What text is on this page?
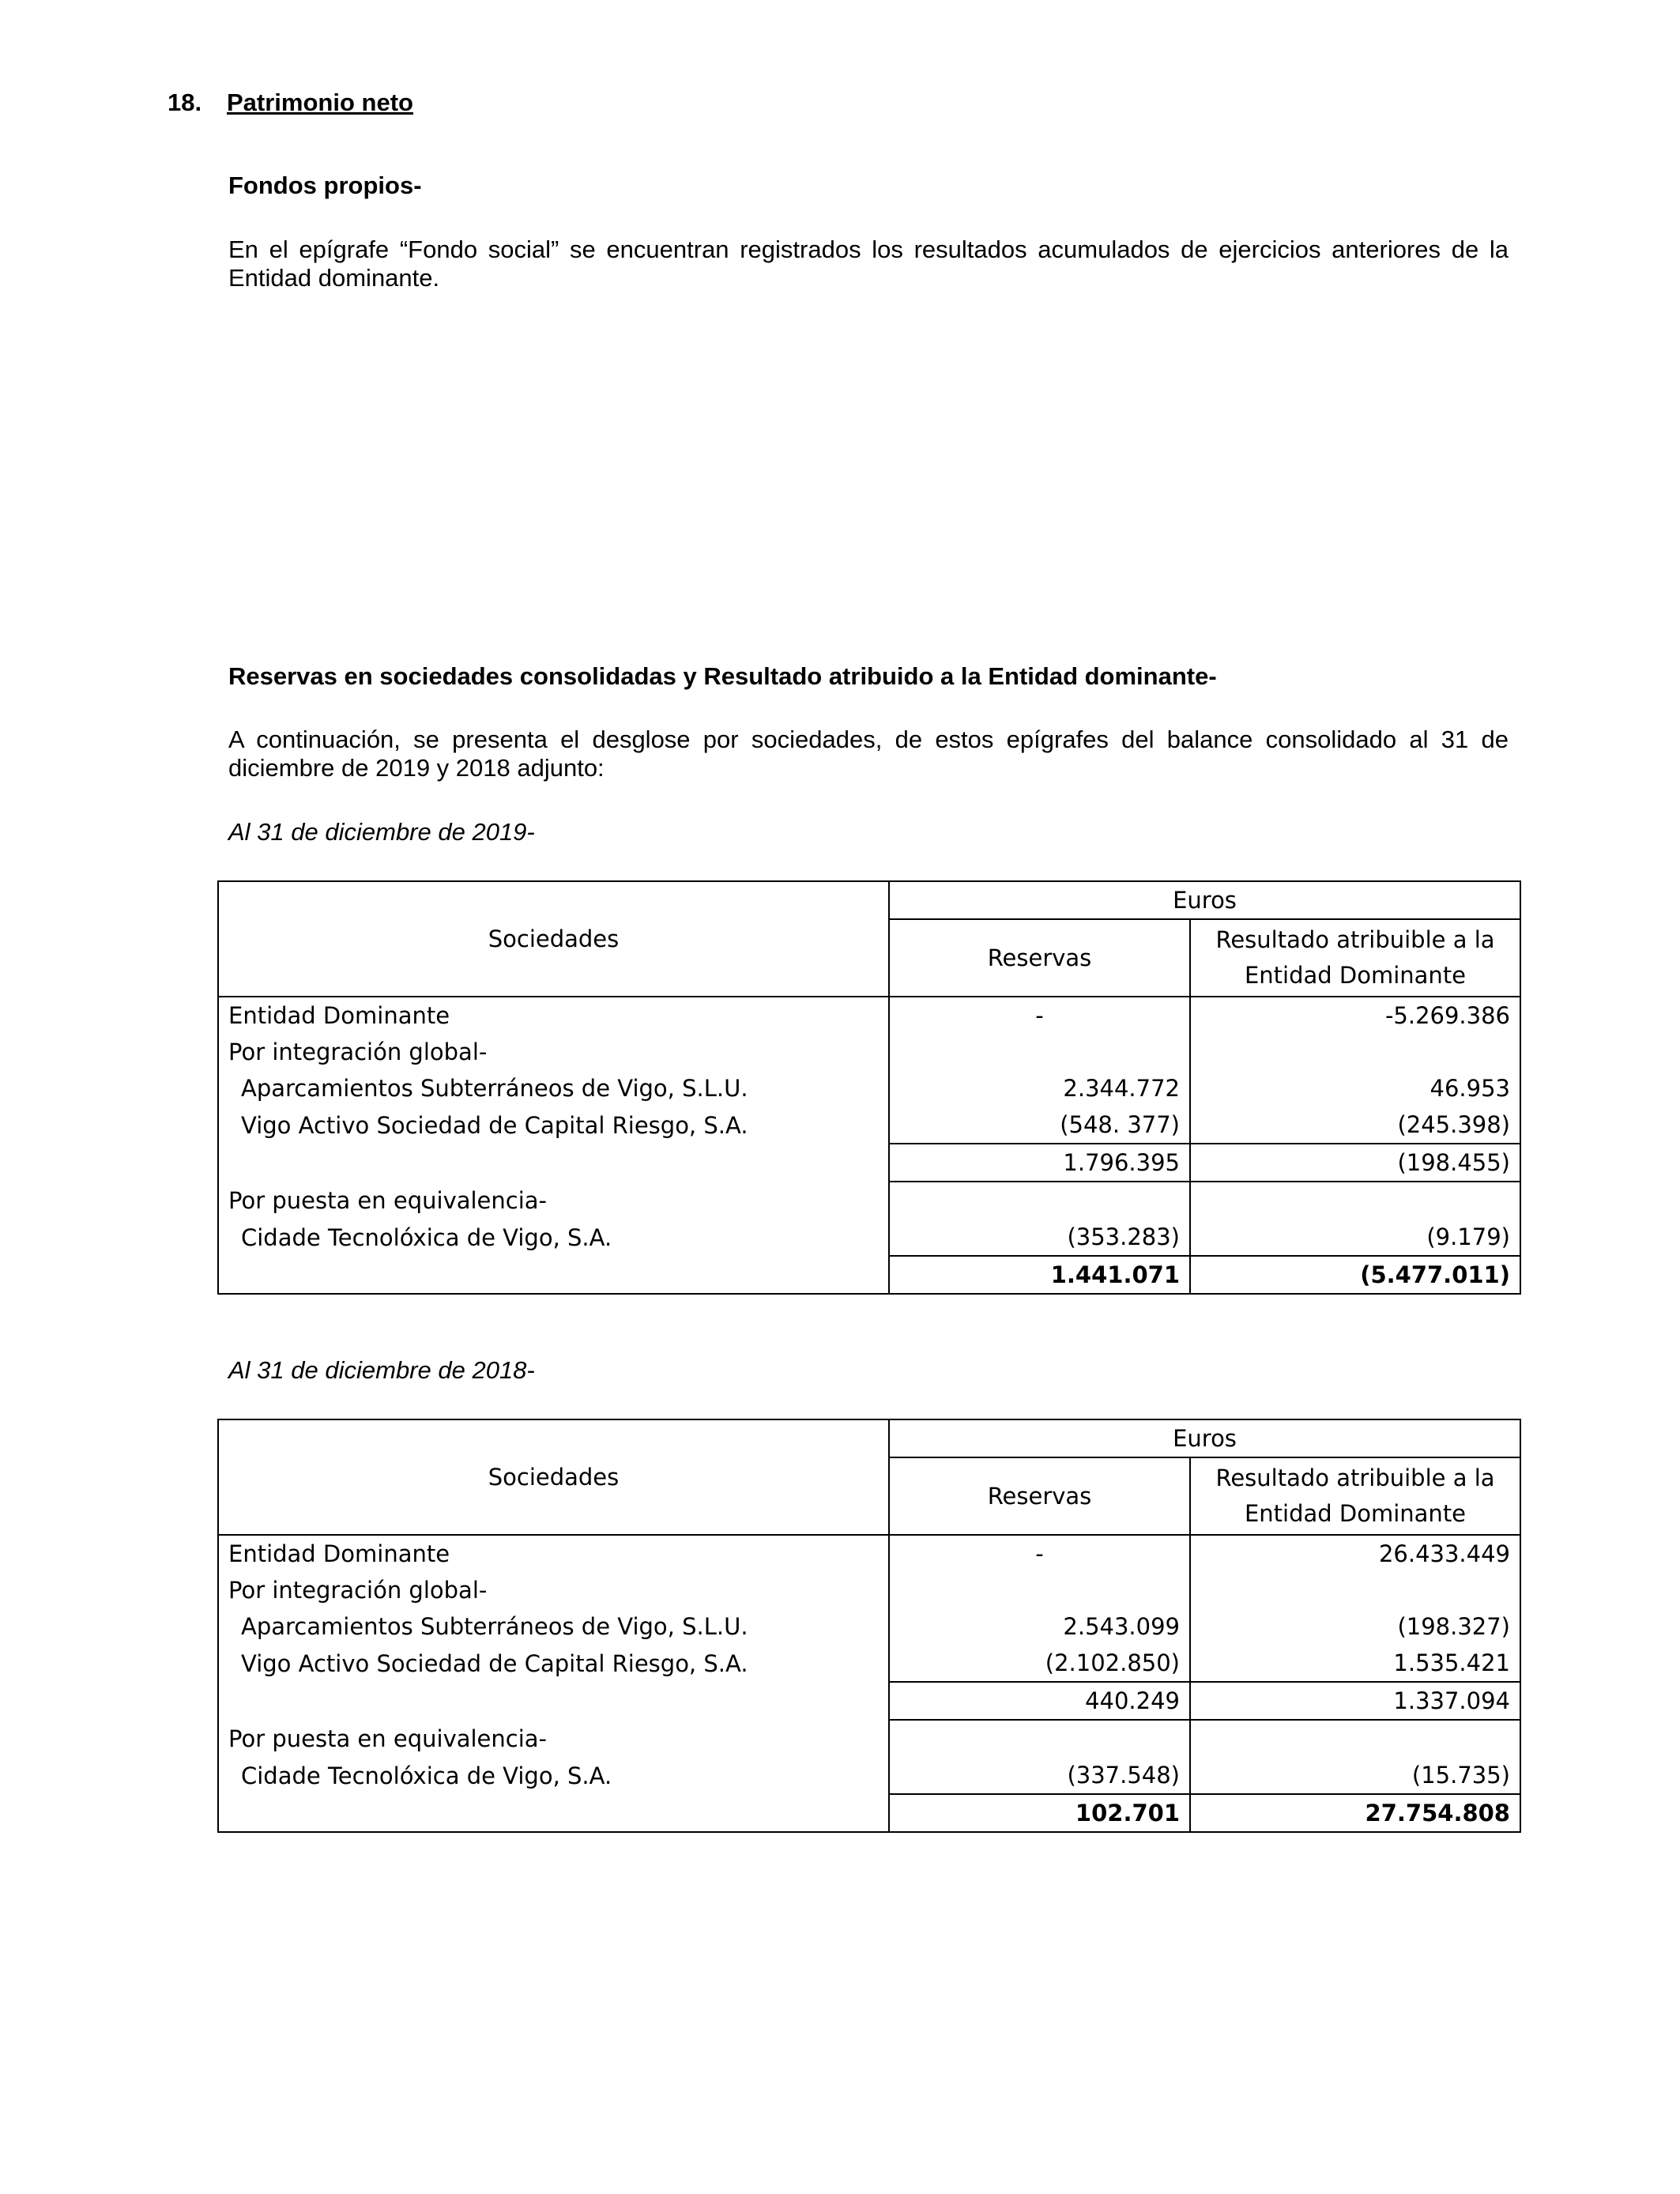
18. Patrimonio neto
Fondos propios-
En el epígrafe “Fondo social” se encuentran registrados los resultados acumulados de ejercicios anteriores de la
Entidad dominante.
Reservas en sociedades consolidadas y Resultado atribuido a la Entidad dominante-
A continuación, se presenta el desglose por sociedades, de estos epígrafes del balance consolidado al 31 de
diciembre de 2019 y 2018 adjunto:
Al 31 de diciembre de 2019-
Sociedades	Euros	
	Reservas	Resultado atribuible a la Entidad Dominante
Entidad Dominante	-	-5.269.386
Por integración global-		
Aparcamientos Subterráneos de Vigo, S.L.U.	2.344.772	46.953
Vigo Activo Sociedad de Capital Riesgo, S.A.	(548. 377)	(245.398)
	1.796.395	(198.455)
Por puesta en equivalencia-		
Cidade Tecnolóxica de Vigo, S.A.	(353.283)	(9.179)
	1.441.071	(5.477.011)
Al 31 de diciembre de 2018-
Sociedades	Euros	
	Reservas	Resultado atribuible a la Entidad Dominante
Entidad Dominante	-	26.433.449
Por integración global-		
Aparcamientos Subterráneos de Vigo, S.L.U.	2.543.099	(198.327)
Vigo Activo Sociedad de Capital Riesgo, S.A.	(2.102.850)	1.535.421
	440.249	1.337.094
Por puesta en equivalencia-		
Cidade Tecnolóxica de Vigo, S.A.	(337.548)	(15.735)
	102.701	27.754.808
